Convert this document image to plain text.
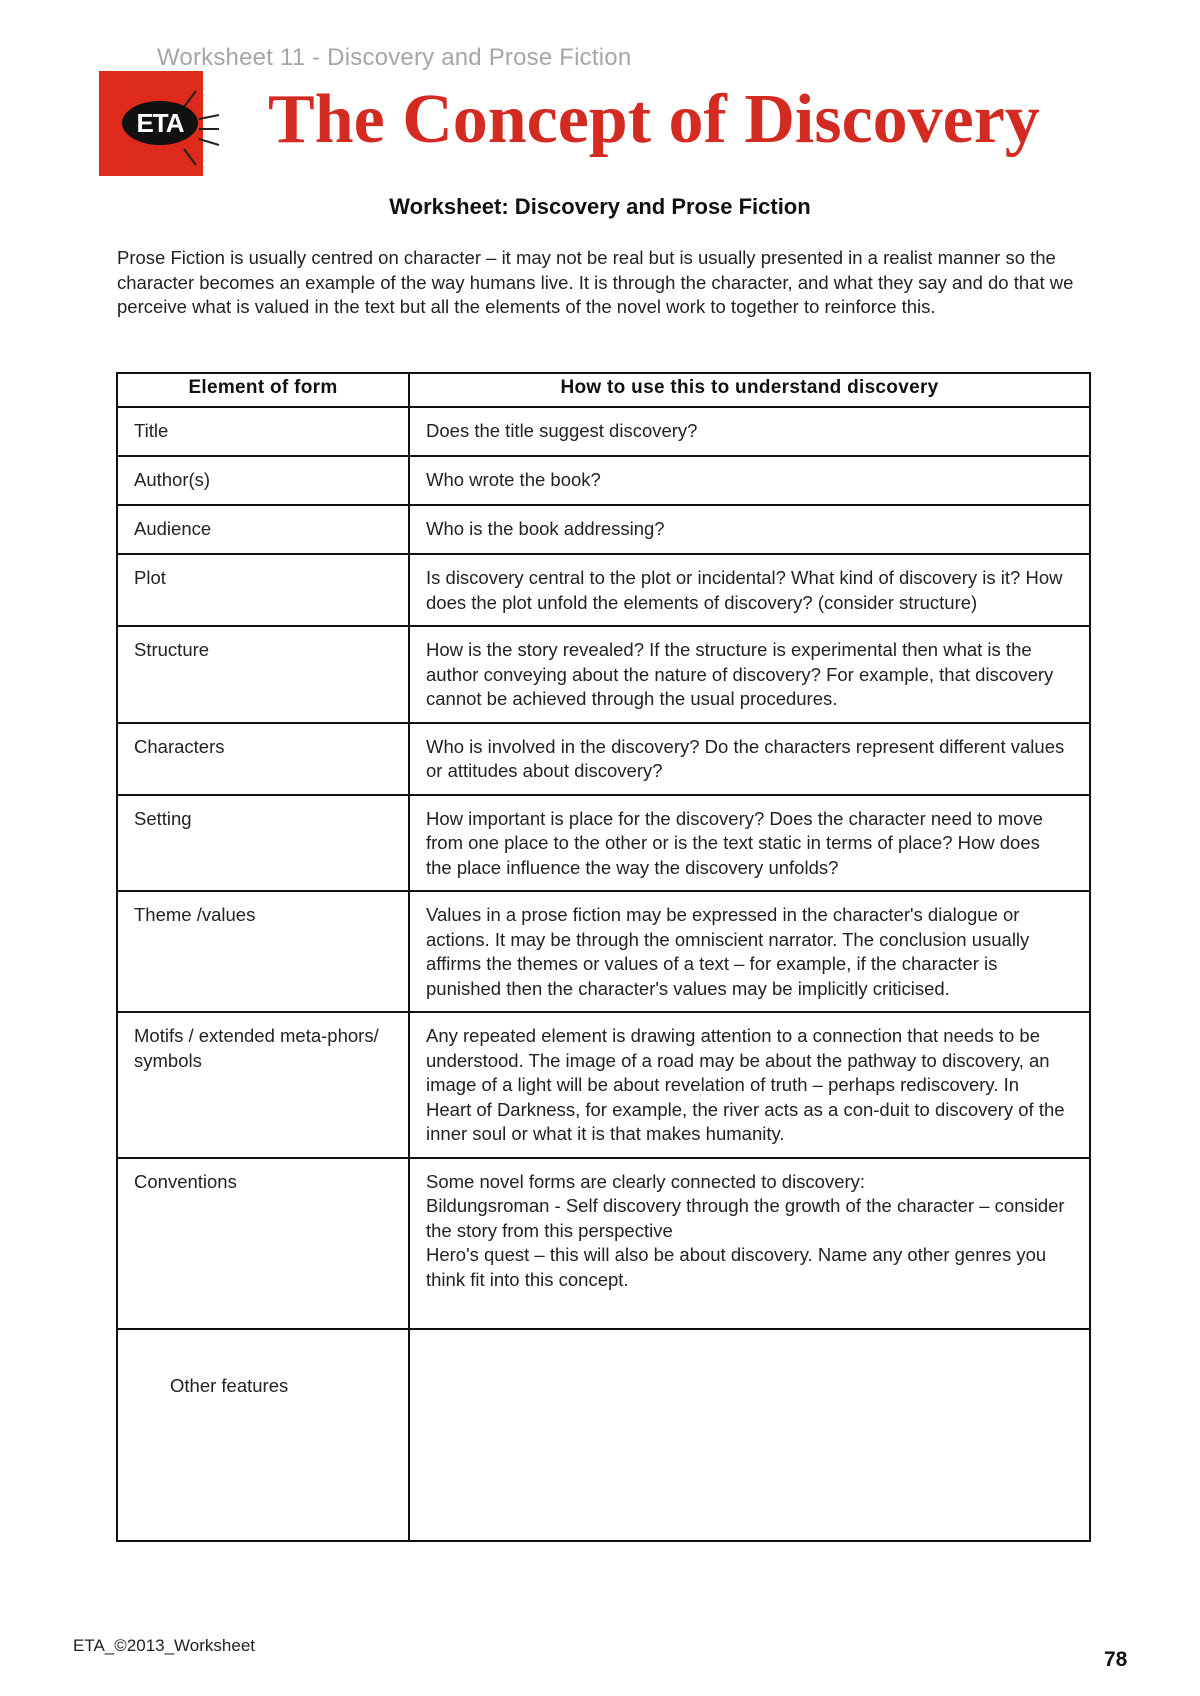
Worksheet 11 - Discovery and Prose Fiction
ETA The Concept of Discovery
Worksheet: Discovery and Prose Fiction

Prose Fiction is usually centred on character – it may not be real but is usually presented in a realist manner so the character becomes an example of the way humans live. It is through the character, and what they say and do that we perceive what is valued in the text but all the elements of the novel work to together to reinforce this.

Element of form	How to use this to understand discovery
Title	Does the title suggest discovery?
Author(s)	Who wrote the book?
Audience	Who is the book addressing?
Plot	Is discovery central to the plot or incidental? What kind of discovery is it? How does the plot unfold the elements of discovery? (consider structure)
Structure	How is the story revealed? If the structure is experimental then what is the author conveying about the nature of discovery? For example, that discovery cannot be achieved through the usual procedures.
Characters	Who is involved in the discovery? Do the characters represent different values or attitudes about discovery?
Setting	How important is place for the discovery? Does the character need to move from one place to the other or is the text static in terms of place? How does the place influence the way the discovery unfolds?
Theme /values	Values in a prose fiction may be expressed in the character's dialogue or actions. It may be through the omniscient narrator. The conclusion usually affirms the themes or values of a text – for example, if the character is punished then the character's values may be implicitly criticised.
Motifs / extended meta-phors/ symbols	Any repeated element is drawing attention to a connection that needs to be understood. The image of a road may be about the pathway to discovery, an image of a light will be about revelation of truth – perhaps rediscovery. In Heart of Darkness, for example, the river acts as a con-duit to discovery of the inner soul or what it is that makes humanity.
Conventions	Some novel forms are clearly connected to discovery:
Bildungsroman - Self discovery through the growth of the character – consider the story from this perspective
Hero's quest – this will also be about discovery. Name any other genres you think fit into this concept.
Other features	
ETA_©2013_Worksheet
78
